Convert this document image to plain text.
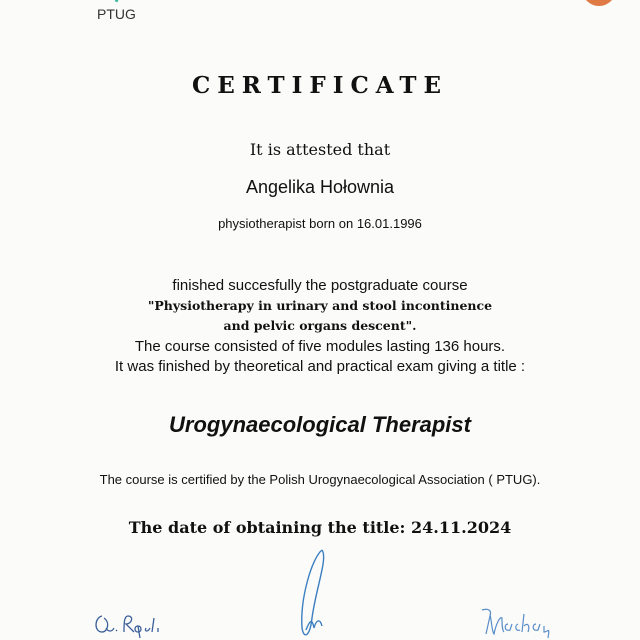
PTUG
CERTIFICATE
It is attested that
Angelika Hołownia
physiotherapist born on 16.01.1996
finished succesfully the postgraduate course
"Physiotherapy in urinary and stool incontinence
and pelvic organs descent".
The course consisted of five modules lasting 136 hours.
It was finished by theoretical and practical exam giving a title :
Urogynaecological Therapist
The course is certified by the Polish Urogynaecological Association ( PTUG).
The date of obtaining the title: 24.11.2024
